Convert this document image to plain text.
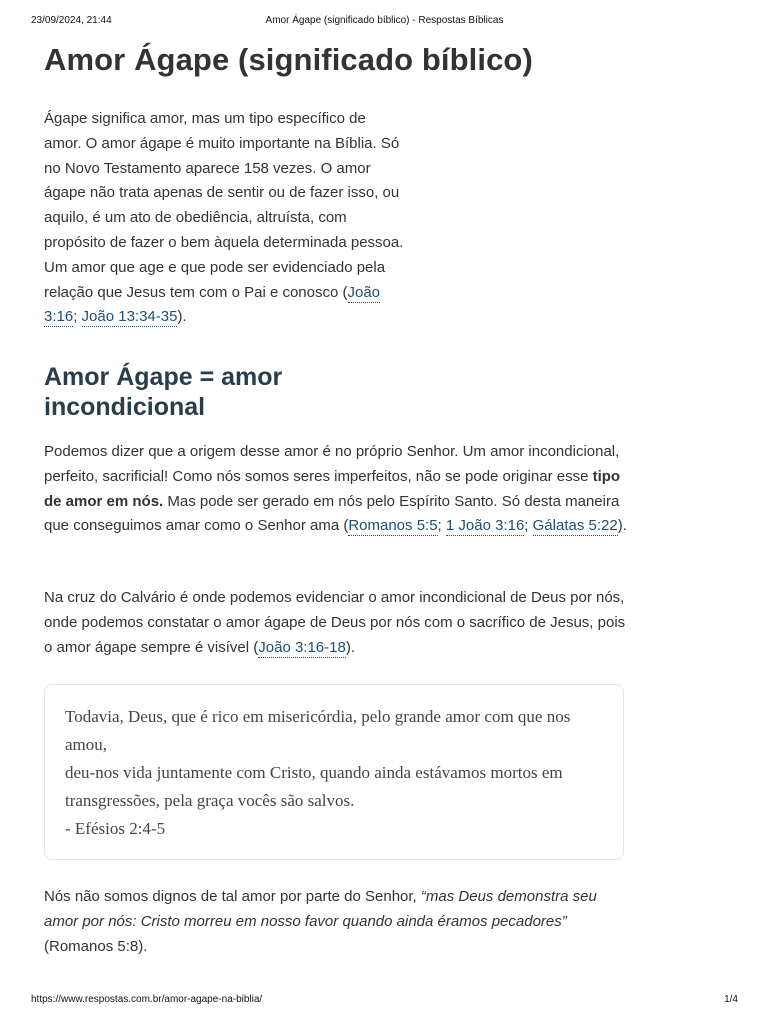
23/09/2024, 21:44	Amor Ágape (significado bíblico) - Respostas Bíblicas
Amor Ágape (significado bíblico)

Ágape significa amor, mas um tipo específico de amor. O amor ágape é muito importante na Bíblia. Só no Novo Testamento aparece 158 vezes. O amor ágape não trata apenas de sentir ou de fazer isso, ou aquilo, é um ato de obediência, altruísta, com propósito de fazer o bem àquela determinada pessoa. Um amor que age e que pode ser evidenciado pela relação que Jesus tem com o Pai e conosco (João 3:16; João 13:34-35).

Amor Ágape = amor incondicional

Podemos dizer que a origem desse amor é no próprio Senhor. Um amor incondicional, perfeito, sacrificial! Como nós somos seres imperfeitos, não se pode originar esse tipo de amor em nós. Mas pode ser gerado em nós pelo Espírito Santo. Só desta maneira que conseguimos amar como o Senhor ama (Romanos 5:5; 1 João 3:16; Gálatas 5:22).

Na cruz do Calvário é onde podemos evidenciar o amor incondicional de Deus por nós, onde podemos constatar o amor ágape de Deus por nós com o sacrífico de Jesus, pois o amor ágape sempre é visível (João 3:16-18).

Todavia, Deus, que é rico em misericórdia, pelo grande amor com que nos amou,

deu-nos vida juntamente com Cristo, quando ainda estávamos mortos em transgressões, pela graça vocês são salvos.

- Efésios 2:4-5

Nós não somos dignos de tal amor por parte do Senhor, “mas Deus demonstra seu amor por nós: Cristo morreu em nosso favor quando ainda éramos pecadores” (Romanos 5:8).

https://www.respostas.com.br/amor-agape-na-biblia/	1/4
